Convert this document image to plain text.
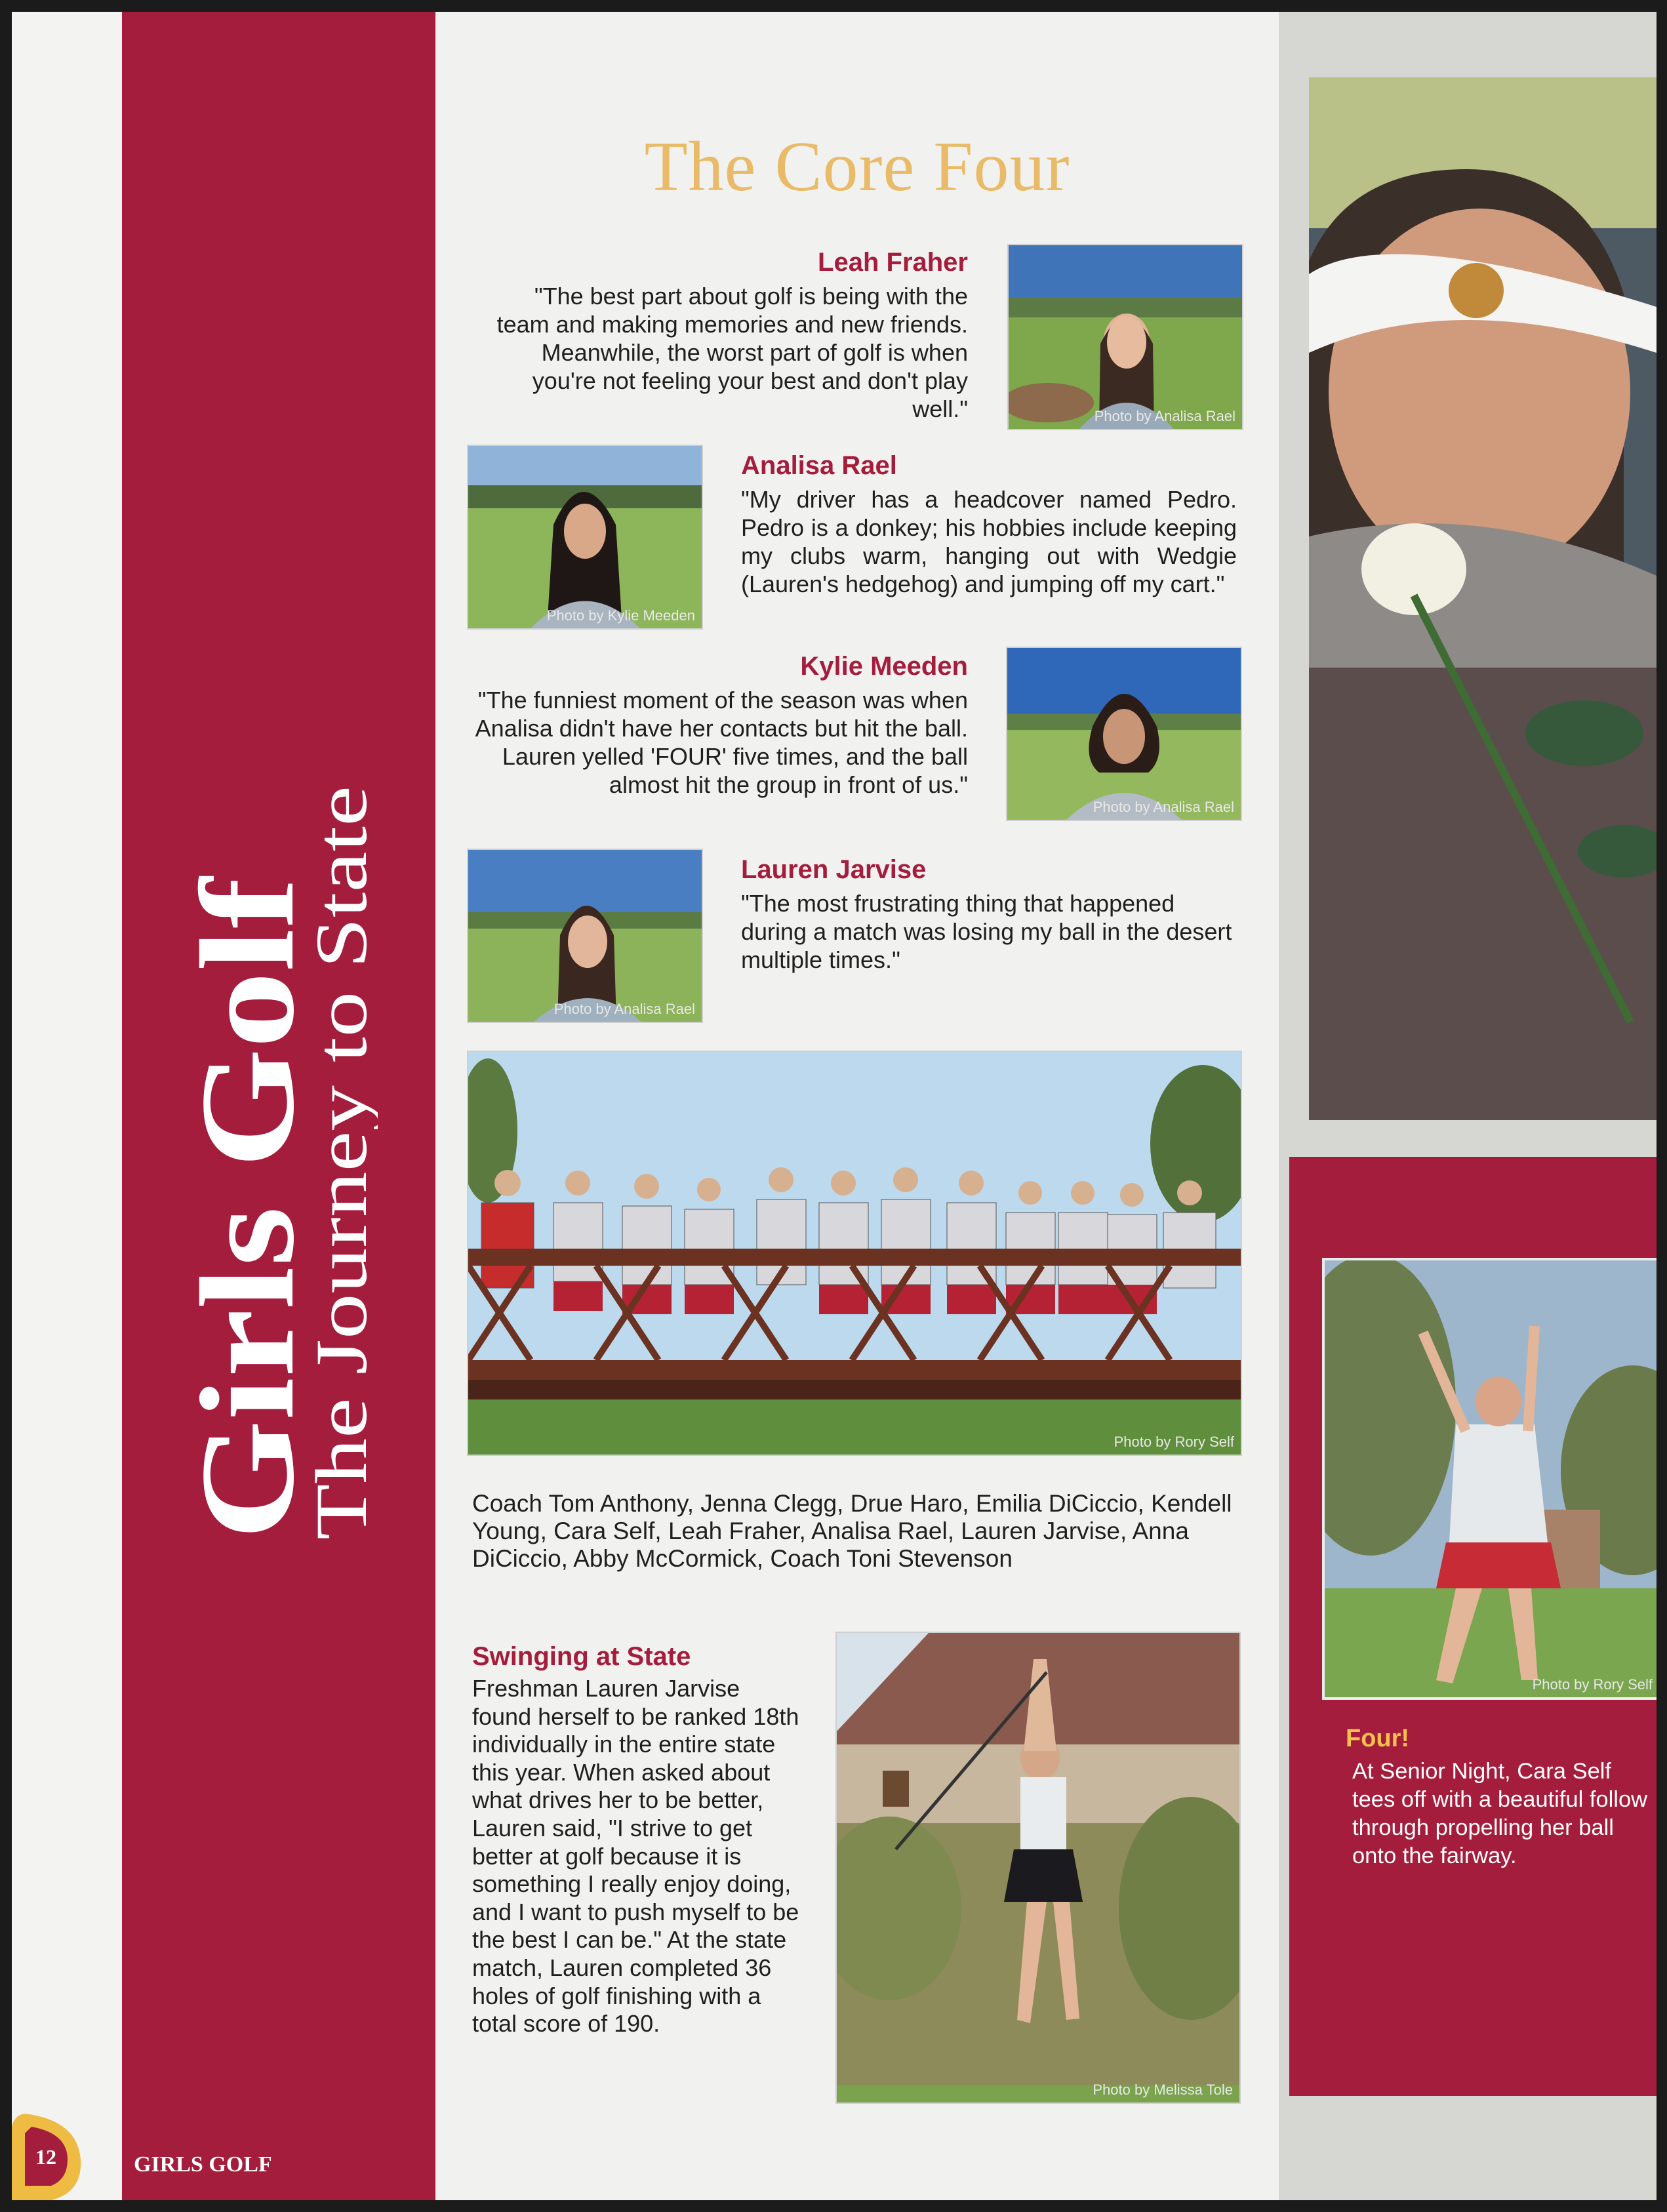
Girls Golf
The Journey to State
The Core Four
Leah Fraher
"The best part about golf is being with the team and making memories and new friends. Meanwhile, the worst part of golf is when you're not feeling your best and don't play well."	Photo by Analisa Rael
Photo by Kylie Meeden
Analisa Rael
"My driver has a headcover named Pedro. Pedro is a donkey; his hobbies include keeping my clubs warm, hanging out with Wedgie (Lauren's hedgehog) and jumping off my cart."
Kylie Meeden
"The funniest moment of the season was when Analisa didn't have her contacts but hit the ball. Lauren yelled 'FOUR' five times, and the ball almost hit the group in front of us."
Photo by Analisa Rael
Photo by Analisa Rael
Lauren Jarvise
"The most frustrating thing that happened during a match was losing my ball in the desert multiple times."
Photo by Rory Self
Coach Tom Anthony, Jenna Clegg, Drue Haro, Emilia DiCiccio, Kendell Young, Cara Self, Leah Fraher, Analisa Rael, Lauren Jarvise, Anna DiCiccio, Abby McCormick, Coach Toni Stevenson
Swinging at State
Freshman Lauren Jarvise found herself to be ranked 18th individually in the entire state this year. When asked about what drives her to be better, Lauren said, "I strive to get better at golf because it is something I really enjoy doing, and I want to push myself to be the best I can be." At the state match, Lauren completed 36 holes of golf finishing with a total score of 190.
Photo by Melissa Tole
Photo by Rory Self
Four!
At Senior Night, Cara Self tees off with a beautiful follow through propelling her ball onto the fairway.
12	GIRLS GOLF
